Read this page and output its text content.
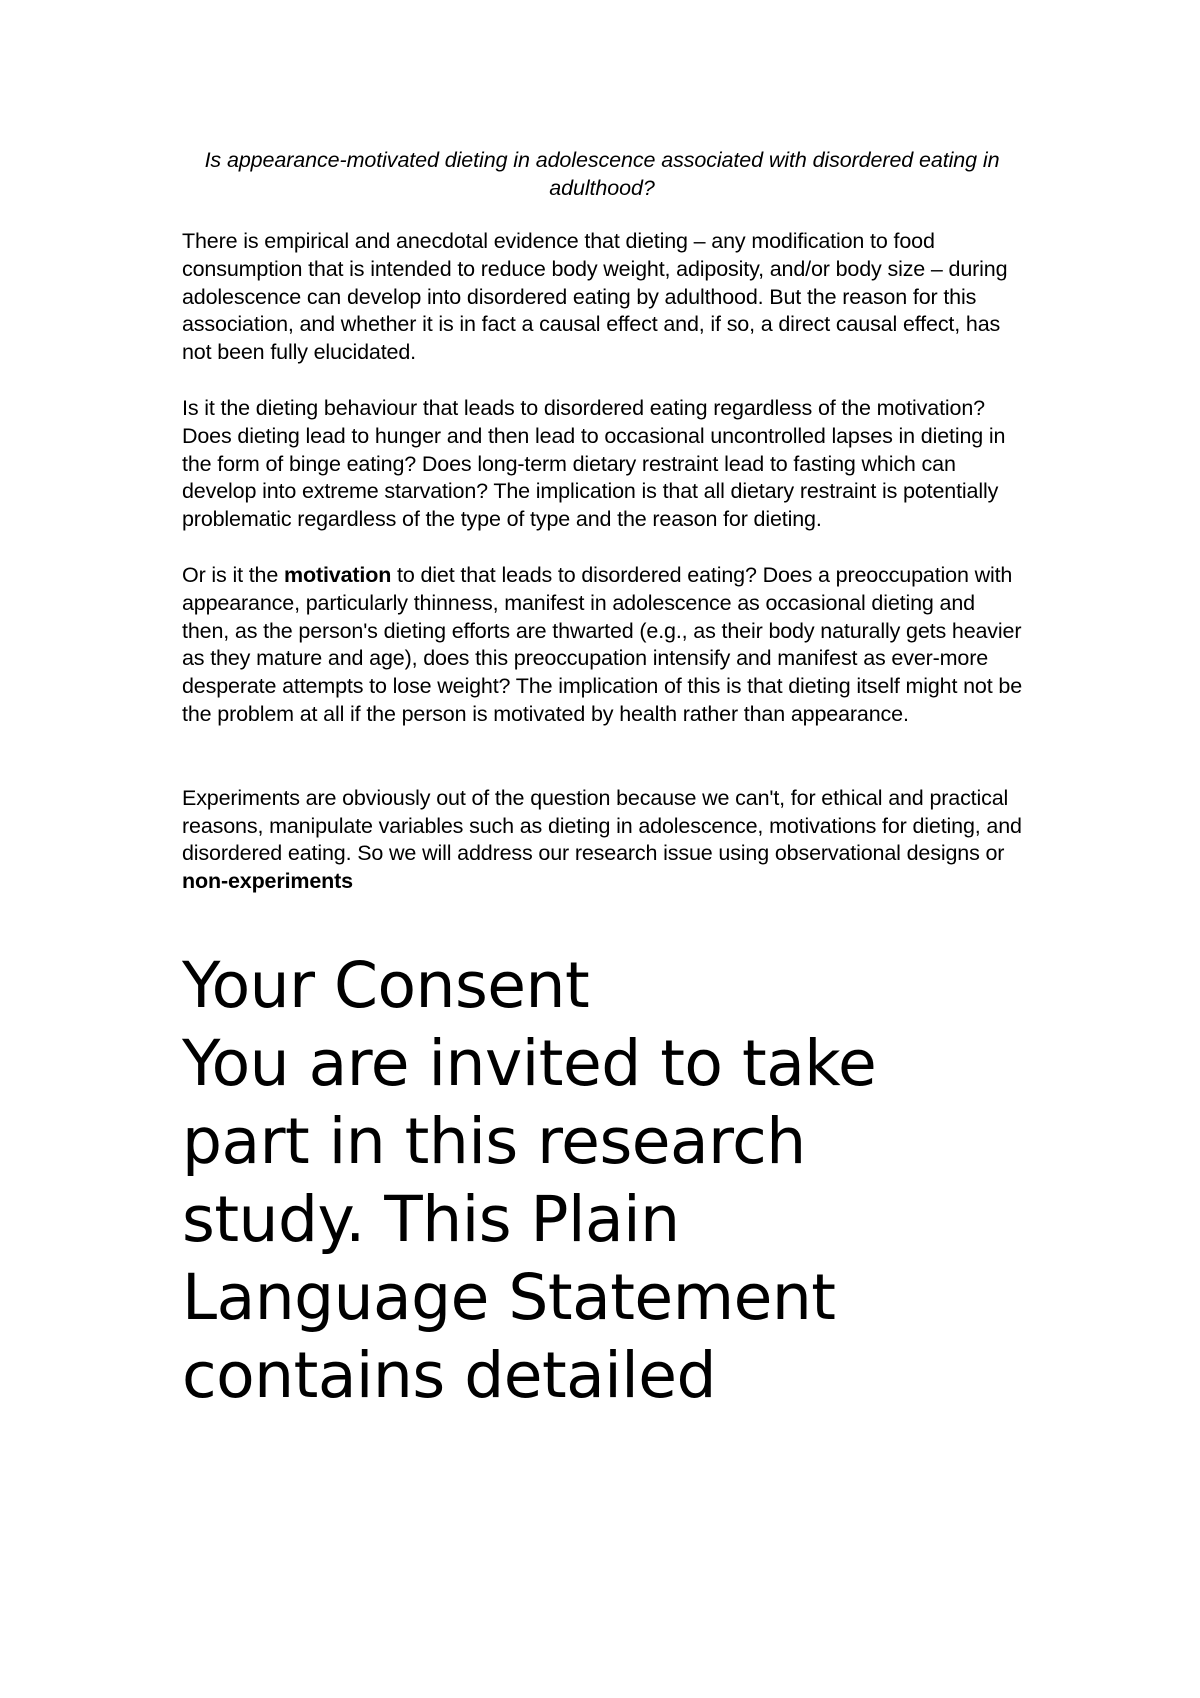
Is appearance-motivated dieting in adolescence associated with disordered eating in adulthood?

There is empirical and anecdotal evidence that dieting – any modification to food consumption that is intended to reduce body weight, adiposity, and/or body size – during adolescence can develop into disordered eating by adulthood. But the reason for this association, and whether it is in fact a causal effect and, if so, a direct causal effect, has not been fully elucidated.

Is it the dieting behaviour that leads to disordered eating regardless of the motivation? Does dieting lead to hunger and then lead to occasional uncontrolled lapses in dieting in the form of binge eating? Does long-term dietary restraint lead to fasting which can develop into extreme starvation? The implication is that all dietary restraint is potentially problematic regardless of the type of type and the reason for dieting.

Or is it the motivation to diet that leads to disordered eating? Does a preoccupation with appearance, particularly thinness, manifest in adolescence as occasional dieting and then, as the person's dieting efforts are thwarted (e.g., as their body naturally gets heavier as they mature and age), does this preoccupation intensify and manifest as ever-more desperate attempts to lose weight? The implication of this is that dieting itself might not be the problem at all if the person is motivated by health rather than appearance.

Experiments are obviously out of the question because we can't, for ethical and practical reasons, manipulate variables such as dieting in adolescence, motivations for dieting, and disordered eating. So we will address our research issue using observational designs or non-experiments

Your Consent
You are invited to take part in this research study. This Plain Language Statement contains detailed
